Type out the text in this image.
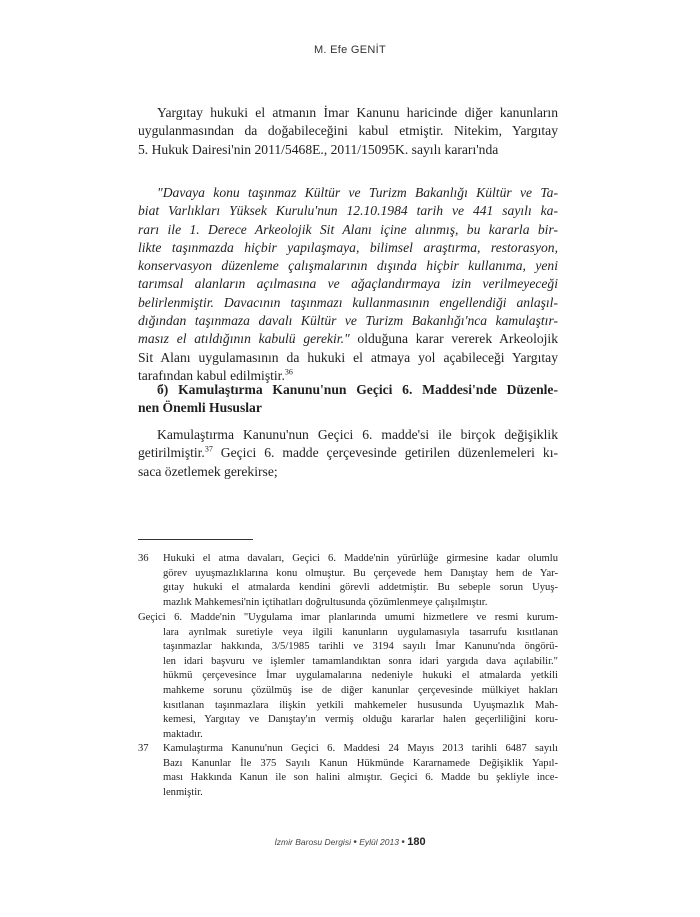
M. Efe GENİT
Yargıtay hukuki el atmanın İmar Kanunu haricinde diğer kanunların
uygulanmasından da doğabileceğini kabul etmiştir. Nitekim, Yargıtay
5. Hukuk Dairesi'nin 2011/5468E., 2011/15095K. sayılı kararı'nda
"Davaya konu taşınmaz Kültür ve Turizm Bakanlığı Kültür ve Ta-
biat Varlıkları Yüksek Kurulu'nun 12.10.1984 tarih ve 441 sayılı ka-
rarı ile 1. Derece Arkeolojik Sit Alanı içine alınmış, bu kararla bir-
likte taşınmazda hiçbir yapılaşmaya, bilimsel araştırma, restorasyon,
konservasyon düzenleme çalışmalarının dışında hiçbir kullanıma, yeni
tarımsal alanların açılmasına ve ağaçlandırmaya izin verilmeyeceği
belirlenmiştir. Davacının taşınmazı kullanmasının engellendiği anlaşıl-
dığından taşınmaza davalı Kültür ve Turizm Bakanlığı'nca kamulaştır-
masız el atıldığının kabulü gerekir." olduğuna karar vererek Arkeolojik
Sit Alanı uygulamasının da hukuki el atmaya yol açabileceği Yargıtay
tarafından kabul edilmiştir.$^{36}$
б) Kamulaştırma Kanunu'nun Geçici 6. Maddesi'nde Düzenle-
nen Önemli Hususlar
Kamulaştırma Kanunu'nun Geçici 6. madde'si ile birçok değişiklik
getirilmiştir.$^{37}$ Geçici 6. madde çerçevesinde getirilen düzenlemeleri kı-
saca özetlemek gerekirse;
36 Hukuki el atma davaları, Geçici 6. Madde'nin yürürlüğe girmesine kadar olumlu
görev uyuşmazlıklarına konu olmuştur. Bu çerçevede hem Danıştay hem de Yar-
gıtay hukuki el atmalarda kendini görevli addetmiştir. Bu sebeple sorun Uyuş-
mazlık Mahkemesi'nin içtihatları doğrultusunda çözümlenmeye çalışılmıştır.
Geçici 6. Madde'nin "Uygulama imar planlarında umumi hizmetlere ve resmi kurum-
lara ayrılmak suretiyle veya ilgili kanunların uygulamasıyla tasarrufu kısıtlanan
taşınmazlar hakkında, 3/5/1985 tarihli ve 3194 sayılı İmar Kanunu'nda öngörü-
len idari başvuru ve işlemler tamamlandıktan sonra idari yargıda dava açılabilir."
hükmü çerçevesince İmar uygulamalarına nedeniyle hukuki el atmalarda yetkili
mahkeme sorunu çözülmüş ise de diğer kanunlar çerçevesinde mülkiyet hakları
kısıtlanan taşınmazlara ilişkin yetkili mahkemeler hususunda Uyuşmazlık Mah-
kemesi, Yargıtay ve Danıştay'ın vermiş olduğu kararlar halen geçerliliğini koru-
maktadır.
37 Kamulaştırma Kanunu'nun Geçici 6. Maddesi 24 Mayıs 2013 tarihli 6487 sayılı
Bazı Kanunlar İle 375 Sayılı Kanun Hükmünde Kararnamede Değişiklik Yapıl-
ması Hakkında Kanun ile son halini almıştır. Geçici 6. Madde bu şekliyle ince-
lenmiştir.
İzmir Barosu Dergisi • Eylül 2013 • 180
